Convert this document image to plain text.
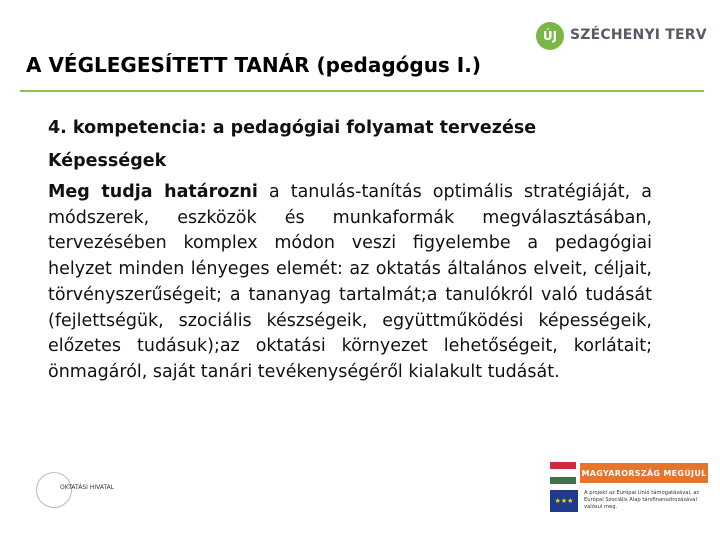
ÚJ SZÉCHENYI TERV
A VÉGLEGESÍTETT TANÁR (pedagógus I.)
4. kompetencia: a pedagógiai folyamat tervezése
Képességek
Meg tudja határozni a tanulás-tanítás optimális stratégiáját, a módszerek, eszközök és munkaformák megválasztásában, tervezésében komplex módon veszi figyelembe a pedagógiai helyzet minden lényeges elemét: az oktatás általános elveit, céljait, törvényszerűségeit; a tananyag tartalmát;a tanulókról való tudását (fejlettségük, szociális készségeik, együttműködési képességeik, előzetes tudásuk);az oktatási környezet lehetőségeit, korlátait; önmagáról, saját tanári tevékenységéről kialakult tudását.
OKTATÁSI HIVATAL
MAGYARORSZÁG MEGÚJUL
★★★
A projekt az Európai Unió támogatásával, az Európai Szociális Alap társfinanszírozásával valósul meg.
